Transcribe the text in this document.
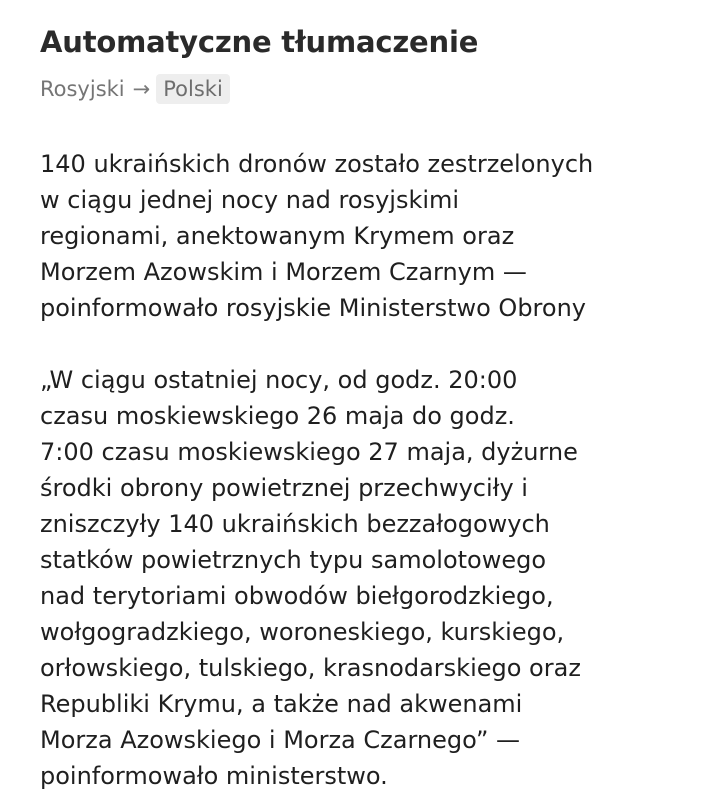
Automatyczne tłumaczenie
Rosyjski → Polski

140 ukraińskich dronów zostało zestrzelonych
w ciągu jednej nocy nad rosyjskimi
regionami, anektowanym Krymem oraz
Morzem Azowskim i Morzem Czarnym —
poinformowało rosyjskie Ministerstwo Obrony

„W ciągu ostatniej nocy, od godz. 20:00
czasu moskiewskiego 26 maja do godz.
7:00 czasu moskiewskiego 27 maja, dyżurne
środki obrony powietrznej przechwyciły i
zniszczyły 140 ukraińskich bezzałogowych
statków powietrznych typu samolotowego
nad terytoriami obwodów biełgorodzkiego,
wołgogradzkiego, woroneskiego, kurskiego,
orłowskiego, tulskiego, krasnodarskiego oraz
Republiki Krymu, a także nad akwenami
Morza Azowskiego i Morza Czarnego” —
poinformowało ministerstwo.
